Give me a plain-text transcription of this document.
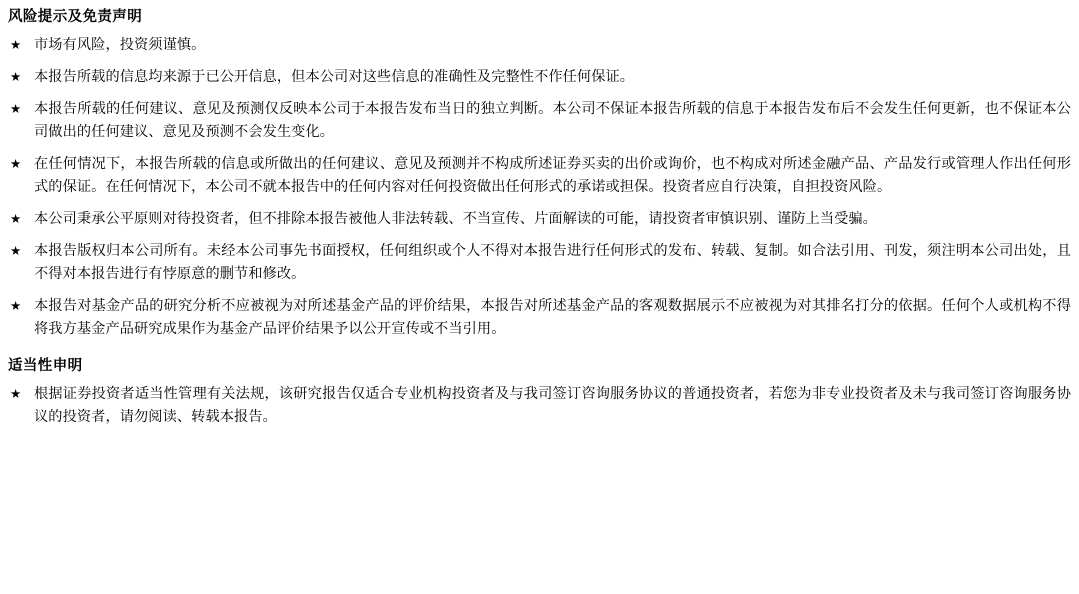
风险提示及免责声明
★ 市场有风险，投资须谨慎。
★ 本报告所载的信息均来源于已公开信息，但本公司对这些信息的准确性及完整性不作任何保证。
★ 本报告所载的任何建议、意见及预测仅反映本公司于本报告发布当日的独立判断。本公司不保证本报告所载的信息于本报告发布后不会发生任何更新，也不保证本公司做出的任何建议、意见及预测不会发生变化。
★ 在任何情况下，本报告所载的信息或所做出的任何建议、意见及预测并不构成所述证券买卖的出价或询价，也不构成对所述金融产品、产品发行或管理人作出任何形式的保证。在任何情况下，本公司不就本报告中的任何内容对任何投资做出任何形式的承诺或担保。投资者应自行决策，自担投资风险。
★ 本公司秉承公平原则对待投资者，但不排除本报告被他人非法转载、不当宣传、片面解读的可能，请投资者审慎识别、谨防上当受骗。
★ 本报告版权归本公司所有。未经本公司事先书面授权，任何组织或个人不得对本报告进行任何形式的发布、转载、复制。如合法引用、刊发，须注明本公司出处，且不得对本报告进行有悖原意的删节和修改。
★ 本报告对基金产品的研究分析不应被视为对所述基金产品的评价结果，本报告对所述基金产品的客观数据展示不应被视为对其排名打分的依据。任何个人或机构不得将我方基金产品研究成果作为基金产品评价结果予以公开宣传或不当引用。
适当性申明
★ 根据证券投资者适当性管理有关法规，该研究报告仅适合专业机构投资者及与我司签订咨询服务协议的普通投资者，若您为非专业投资者及未与我司签订咨询服务协议的投资者，请勿阅读、转载本报告。
